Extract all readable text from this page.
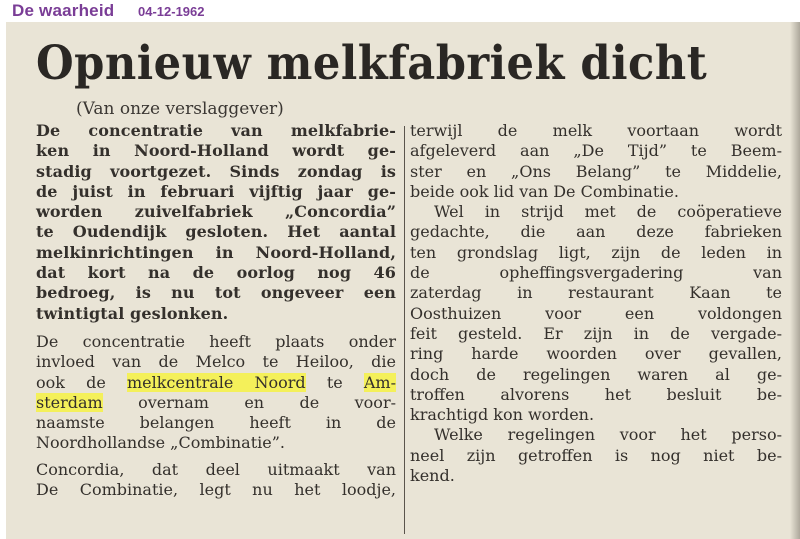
De waarheid 04-12-1962
Opnieuw melkfabriek dicht
(Van onze verslaggever)
De concentratie van melkfabrie-
ken in Noord-Holland wordt ge-
stadig voortgezet. Sinds zondag is
de juist in februari vijftig jaar ge-
worden zuivelfabriek „Concordia”
te Oudendijk gesloten. Het aantal
melkinrichtingen in Noord-Holland,
dat kort na de oorlog nog 46
bedroeg, is nu tot ongeveer een
twintigtal geslonken.
De concentratie heeft plaats onder
invloed van de Melco te Heiloo, die
ook de melkcentrale Noord te Am-
sterdam overnam en de voor-
naamste belangen heeft in de
Noordhollandse „Combinatie”.
Concordia, dat deel uitmaakt van
De Combinatie, legt nu het loodje,
terwijl de melk voortaan wordt
afgeleverd aan „De Tijd” te Beem-
ster en „Ons Belang” te Middelie,
beide ook lid van De Combinatie.
Wel in strijd met de coöperatieve
gedachte, die aan deze fabrieken
ten grondslag ligt, zijn de leden in
de opheffingsvergadering van
zaterdag in restaurant Kaan te
Oosthuizen voor een voldongen
feit gesteld. Er zijn in de vergade-
ring harde woorden over gevallen,
doch de regelingen waren al ge-
troffen alvorens het besluit be-
krachtigd kon worden.
Welke regelingen voor het perso-
neel zijn getroffen is nog niet be-
kend.
